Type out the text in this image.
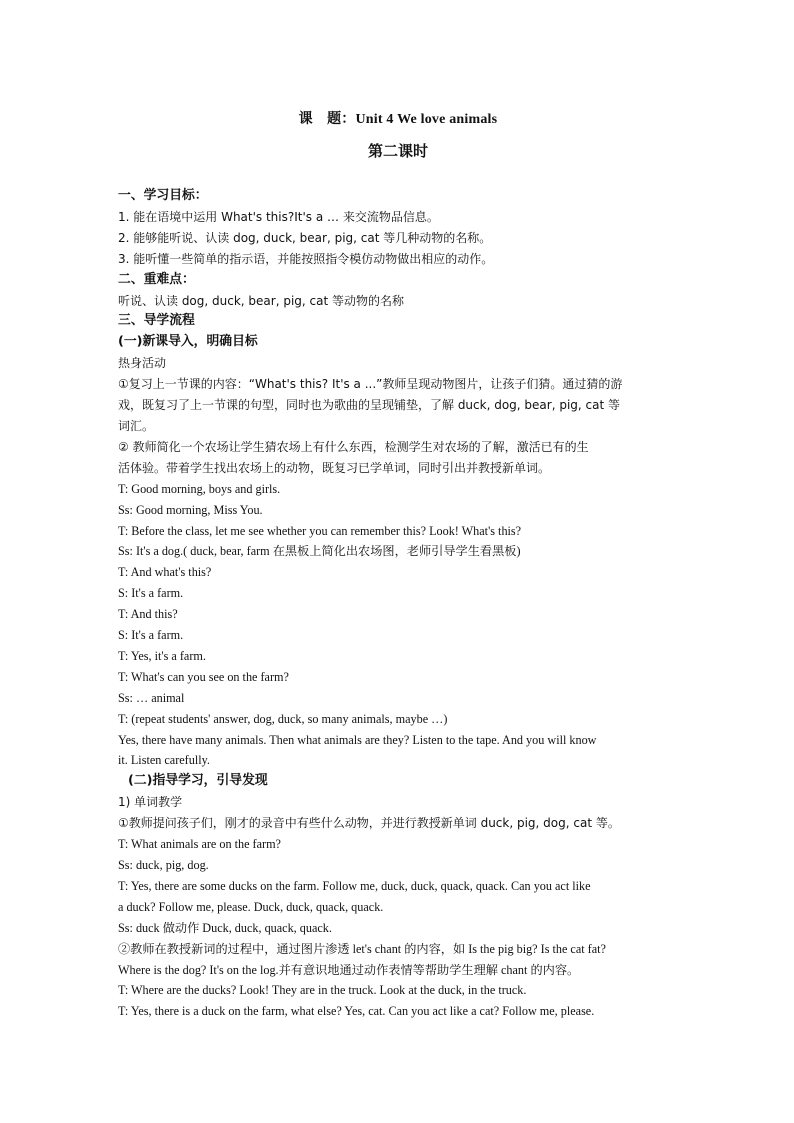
课　题：Unit 4 We love animals
第二课时
一、学习目标：
1. 能在语境中运用 What's this?It's a … 来交流物品信息。
2. 能够能听说、认读 dog, duck, bear, pig, cat 等几种动物的名称。
3. 能听懂一些简单的指示语，并能按照指令模仿动物做出相应的动作。
二、重难点：
听说、认读 dog, duck, bear, pig, cat 等动物的名称
三、导学流程
(一)新课导入，明确目标
热身活动
①复习上一节课的内容：“What's this? It's a ...”教师呈现动物图片，让孩子们猜。通过猜的游
戏，既复习了上一节课的句型，同时也为歌曲的呈现铺垫，了解 duck, dog, bear, pig, cat 等
词汇。
② 教师简化一个农场让学生猜农场上有什么东西，检测学生对农场的了解，激活已有的生
活体验。带着学生找出农场上的动物，既复习已学单词，同时引出并教授新单词。
T: Good morning, boys and girls.
Ss: Good morning, Miss You.
T: Before the class, let me see whether you can remember this? Look! What's this?
Ss: It's a dog.( duck, bear, farm 在黑板上简化出农场图，老师引导学生看黑板)
T: And what's this?
S: It's a farm.
T: And this?
S: It's a farm.
T: Yes, it's a farm.
T: What's can you see on the farm?
Ss: … animal
T: (repeat students' answer, dog, duck, so many animals, maybe …)
Yes, there have many animals. Then what animals are they? Listen to the tape. And you will know
it. Listen carefully.
(二)指导学习，引导发现
1) 单词教学
①教师提问孩子们，刚才的录音中有些什么动物，并进行教授新单词 duck, pig, dog, cat 等。
T: What animals are on the farm?
Ss: duck, pig, dog.
T: Yes, there are some ducks on the farm. Follow me, duck, duck, quack, quack. Can you act like
a duck? Follow me, please. Duck, duck, quack, quack.
Ss: duck 做动作 Duck, duck, quack, quack.
②教师在教授新词的过程中，通过图片渗透 let's chant 的内容，如 Is the pig big? Is the cat fat?
Where is the dog? It's on the log.并有意识地通过动作表情等帮助学生理解 chant 的内容。
T: Where are the ducks? Look! They are in the truck. Look at the duck, in the truck.
T: Yes, there is a duck on the farm, what else? Yes, cat. Can you act like a cat? Follow me, please.
